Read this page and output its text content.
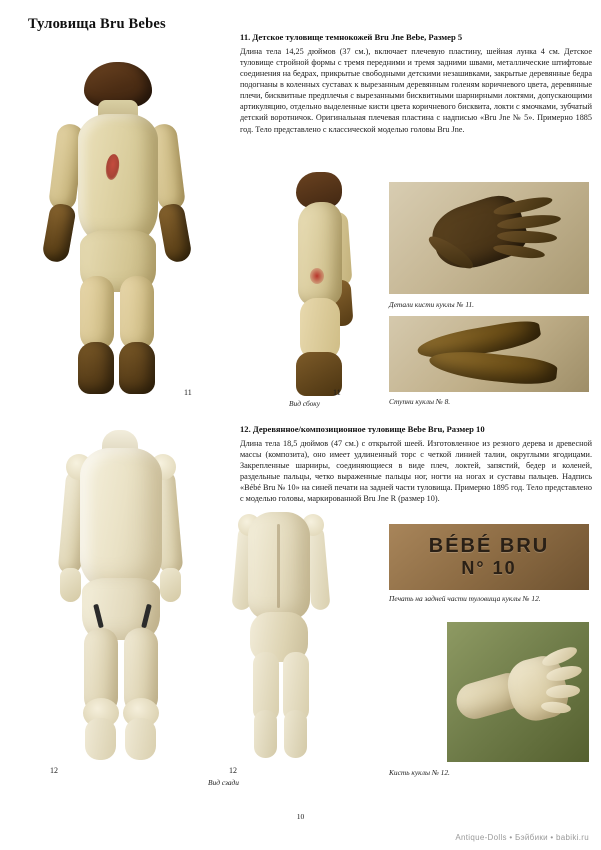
Туловища Bru Bebes
11. Детское туловище темнокожей Bru Jne Bebe, Размер 5

Длина тела 14,25 дюймов (37 см.), включает плечевую пластину, шейная лунка 4 см. Детское туловище стройной формы с тремя передними и тремя задними швами, металлические штифтовые соединения на бедрах, прикрытые свободными детскими незашивками, закрытые деревянные бедра подогнаны в коленных суставах к вырезанным деревянным голеням коричневого цвета, деревянные плечи, бисквитные предплечья с вырезанными бисквитными шарнирными локтями, допускающими артикуляцию, отдельно выделенные кисти цвета коричневого бисквита, локти с ямочками, зубчатый детский воротничок. Оригинальная плечевая пластина с надписью «Bru Jne № 5». Примерно 1885 год. Тело представлено с классической моделью головы Bru Jne.

12. Деревянное/композиционное туловище Bebe Bru, Размер 10

Длина тела 18,5 дюймов (47 см.) с открытой шеей. Изготовленное из резного дерева и древесной массы (композита), оно имеет удлиненный торс с четкой линией талии, округлыми ягодицами. Закрепленные шарниры, соединяющиеся в виде плеч, локтей, запястий, бедер и коленей, раздельные пальцы, четко выраженные пальцы ног, ногти на ногах и суставы пальцев. Надпись «Bébé Bru № 10» на синей печати на задней части туловища. Примерно 1895 год. Тело представлено с моделью головы, маркированной Bru Jne R (размер 10).

11	11
Вид сбоку
Детали кисти куклы № 11.
Ступни куклы № 8.
12	12
Вид сзади
BÉBÉ BRU
N° 10
Печать на задней части туловища куклы № 12.
Кисть куклы № 12.
10
Antique-Dolls • Бэйбики • babiki.ru
